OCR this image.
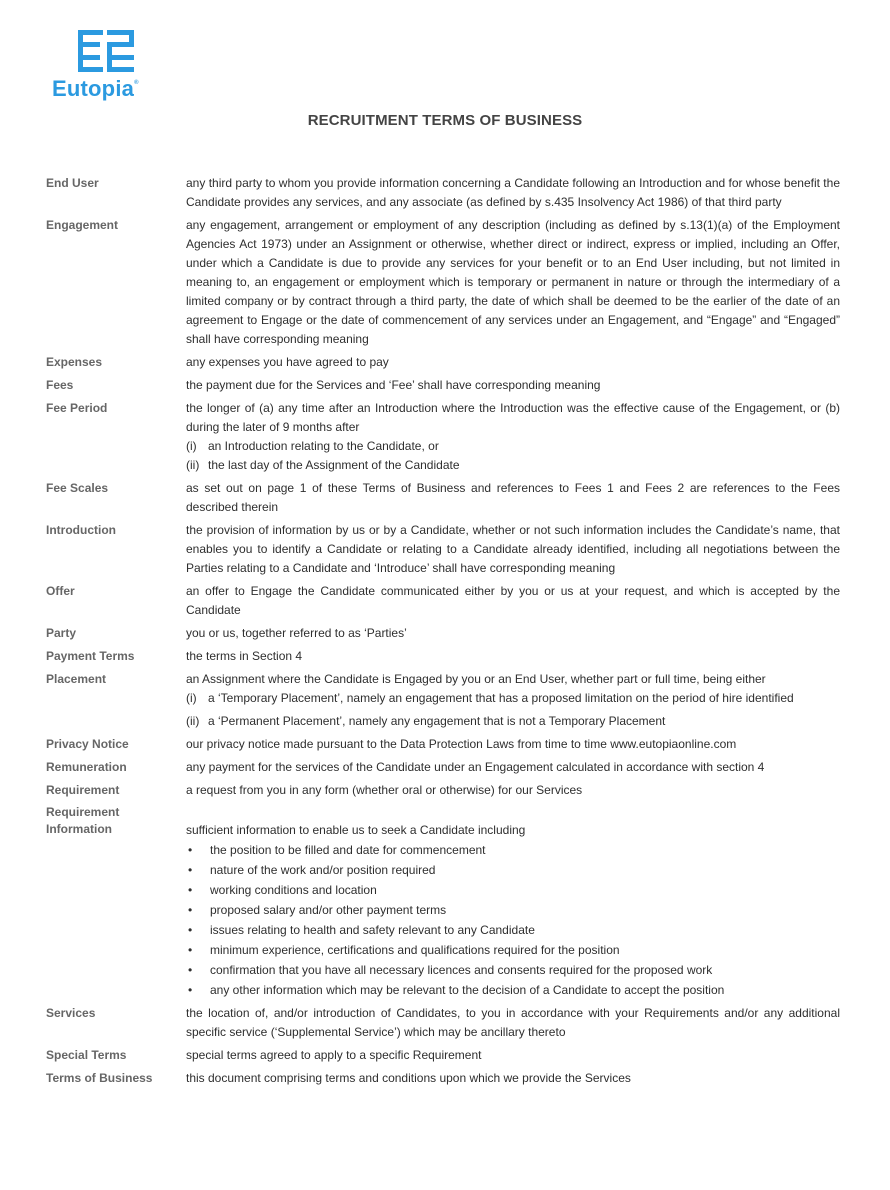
Eutopia®
RECRUITMENT TERMS OF BUSINESS
End User	any third party to whom you provide information concerning a Candidate following an Introduction and for whose benefit the Candidate provides any services, and any associate (as defined by s.435 Insolvency Act 1986) of that third party

Engagement	any engagement, arrangement or employment of any description (including as defined by s.13(1)(a) of the Employment Agencies Act 1973) under an Assignment or otherwise, whether direct or indirect, express or implied, including an Offer, under which a Candidate is due to provide any services for your benefit or to an End User including, but not limited in meaning to, an engagement or employment which is temporary or permanent in nature or through the intermediary of a limited company or by contract through a third party, the date of which shall be deemed to be the earlier of the date of an agreement to Engage or the date of commencement of any services under an Engagement, and “Engage” and “Engaged” shall have corresponding meaning

Expenses	any expenses you have agreed to pay

Fees	the payment due for the Services and ‘Fee’ shall have corresponding meaning

Fee Period	the longer of (a) any time after an Introduction where the Introduction was the effective cause of the Engagement, or (b) during the later of 9 months after

(i) an Introduction relating to the Candidate, or
(ii) the last day of the Assignment of the Candidate
Fee Scales	as set out on page 1 of these Terms of Business and references to Fees 1 and Fees 2 are references to the Fees described therein

Introduction	the provision of information by us or by a Candidate, whether or not such information includes the Candidate’s name, that enables you to identify a Candidate or relating to a Candidate already identified, including all negotiations between the Parties relating to a Candidate and ‘Introduce’ shall have corresponding meaning

Offer	an offer to Engage the Candidate communicated either by you or us at your request, and which is accepted by the Candidate

Party	you or us, together referred to as ‘Parties’

Payment Terms	the terms in Section 4

Placement	an Assignment where the Candidate is Engaged by you or an End User, whether part or full time, being either

(i) a ‘Temporary Placement’, namely an engagement that has a proposed limitation on the period of hire identified
(ii) a ‘Permanent Placement’, namely any engagement that is not a Temporary Placement
Privacy Notice	our privacy notice made pursuant to the Data Protection Laws from time to time www.eutopiaonline.com

Remuneration	any payment for the services of the Candidate under an Engagement calculated in accordance with section 4

Requirement	a request from you in any form (whether oral or otherwise) for our Services

Requirement Information	sufficient information to enable us to seek a Candidate including

•	the position to be filled and date for commencement
•	nature of the work and/or position required
•	working conditions and location
•	proposed salary and/or other payment terms
•	issues relating to health and safety relevant to any Candidate
•	minimum experience, certifications and qualifications required for the position
•	confirmation that you have all necessary licences and consents required for the proposed work
•	any other information which may be relevant to the decision of a Candidate to accept the position
Services	the location of, and/or introduction of Candidates, to you in accordance with your Requirements and/or any additional specific service (‘Supplemental Service’) which may be ancillary thereto

Special Terms	special terms agreed to apply to a specific Requirement

Terms of Business	this document comprising terms and conditions upon which we provide the Services
